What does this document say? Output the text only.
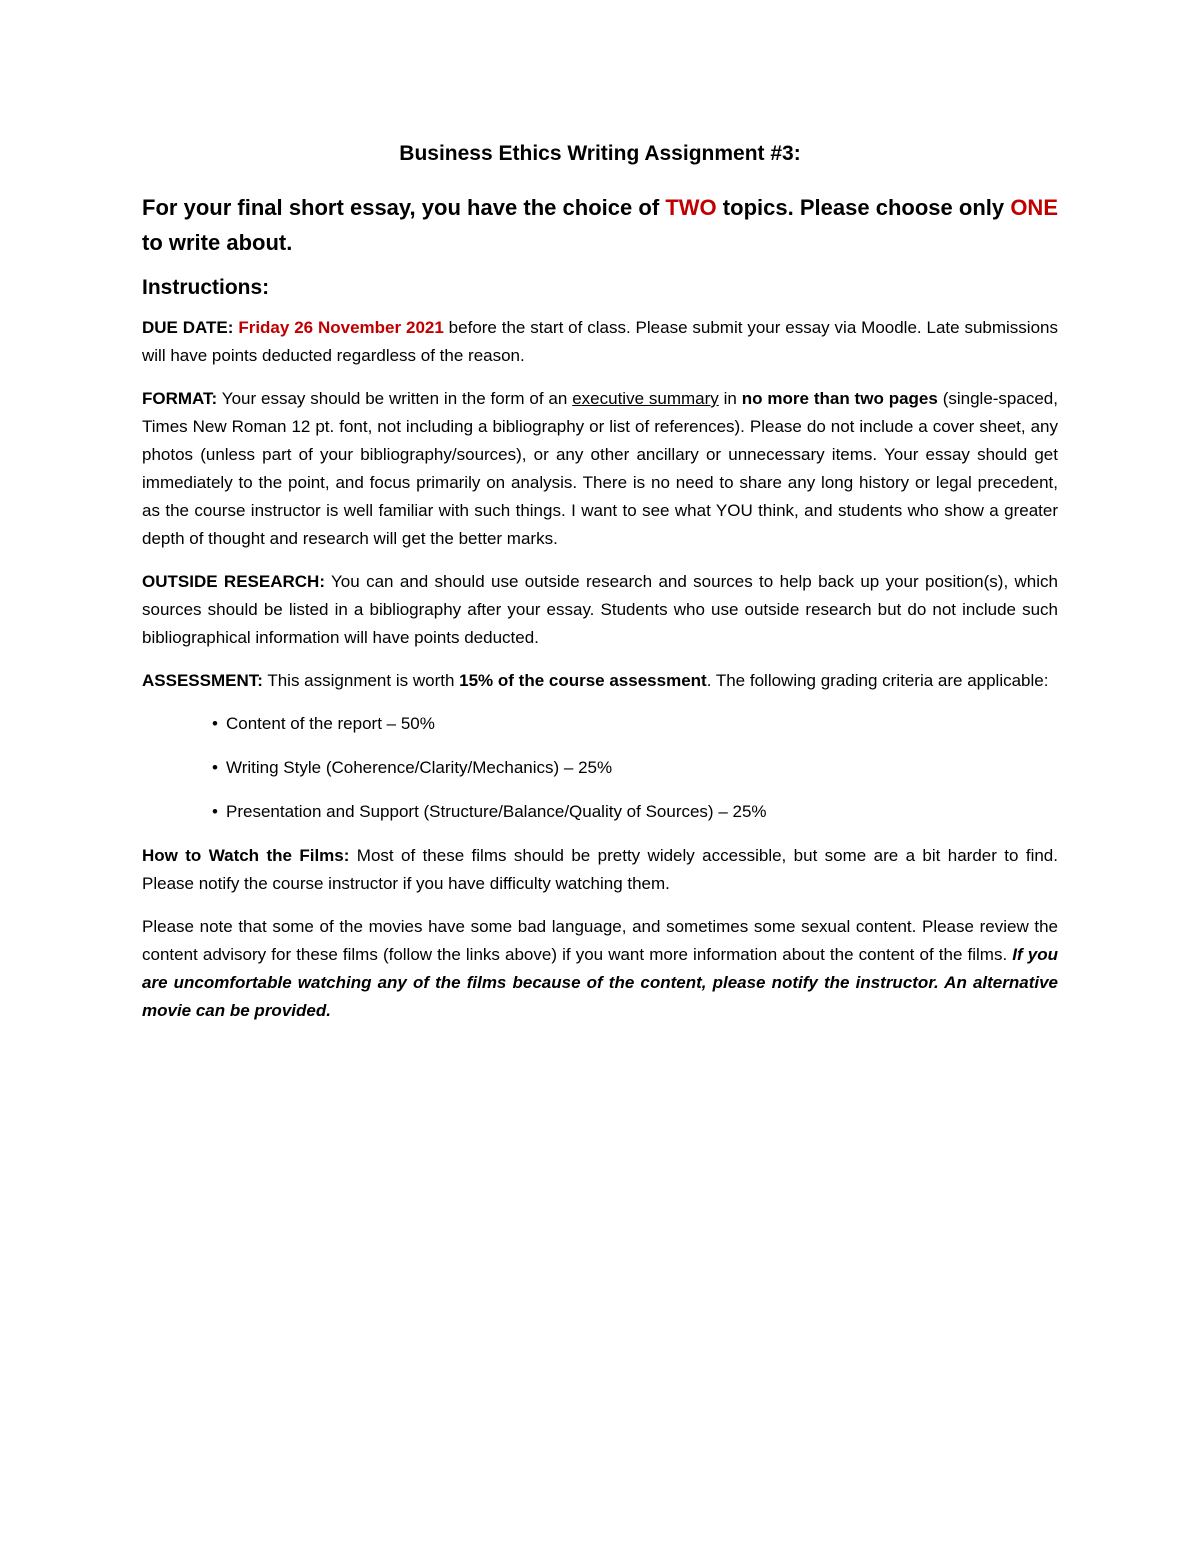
Business Ethics Writing Assignment #3:
For your final short essay, you have the choice of TWO topics. Please choose only ONE to write about.
Instructions:

DUE DATE: Friday 26 November 2021 before the start of class. Please submit your essay via Moodle. Late submissions will have points deducted regardless of the reason.

FORMAT: Your essay should be written in the form of an executive summary in no more than two pages (single-spaced, Times New Roman 12 pt. font, not including a bibliography or list of references). Please do not include a cover sheet, any photos (unless part of your bibliography/sources), or any other ancillary or unnecessary items. Your essay should get immediately to the point, and focus primarily on analysis. There is no need to share any long history or legal precedent, as the course instructor is well familiar with such things. I want to see what YOU think, and students who show a greater depth of thought and research will get the better marks.

OUTSIDE RESEARCH: You can and should use outside research and sources to help back up your position(s), which sources should be listed in a bibliography after your essay. Students who use outside research but do not include such bibliographical information will have points deducted.

ASSESSMENT: This assignment is worth 15% of the course assessment. The following grading criteria are applicable:

• Content of the report – 50%
• Writing Style (Coherence/Clarity/Mechanics) – 25%
• Presentation and Support (Structure/Balance/Quality of Sources) – 25%

How to Watch the Films: Most of these films should be pretty widely accessible, but some are a bit harder to find. Please notify the course instructor if you have difficulty watching them.

Please note that some of the movies have some bad language, and sometimes some sexual content. Please review the content advisory for these films (follow the links above) if you want more information about the content of the films. If you are uncomfortable watching any of the films because of the content, please notify the instructor. An alternative movie can be provided.
